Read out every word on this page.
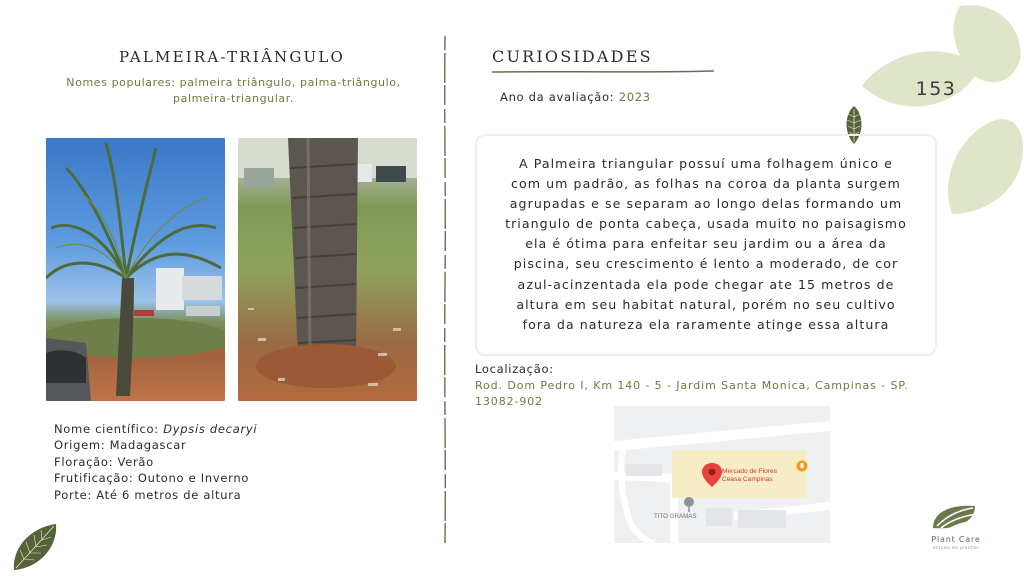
PALMEIRA-TRIÂNGULO
Nomes populares: palmeira triângulo, palma-triângulo,
palmeira-triangular.
Nome científico: Dypsis decaryi
Origem: Madagascar
Floração: Verão
Frutificação: Outono e Inverno
Porte: Até 6 metros de altura
CURIOSIDADES
Ano da avaliação: 2023	153
A Palmeira triangular possuí uma folhagem único e
com um padrão, as folhas na coroa da planta surgem
agrupadas e se separam ao longo delas formando um
triangulo de ponta cabeça, usada muito no paisagismo
ela é ótima para enfeitar seu jardim ou a área da
piscina, seu crescimento é lento a moderado, de cor
azul-acinzentada ela pode chegar ate 15 metros de
altura em seu habitat natural, porém no seu cultivo
fora da natureza ela raramente atinge essa altura
Localização:
Rod. Dom Pedro I, Km 140 - 5 - Jardim Santa Monica, Campinas - SP.
13082-902
Mercado de Flores
Ceasa Campinas
TITO GRAMAS
Plant Care
estudo de plantas
